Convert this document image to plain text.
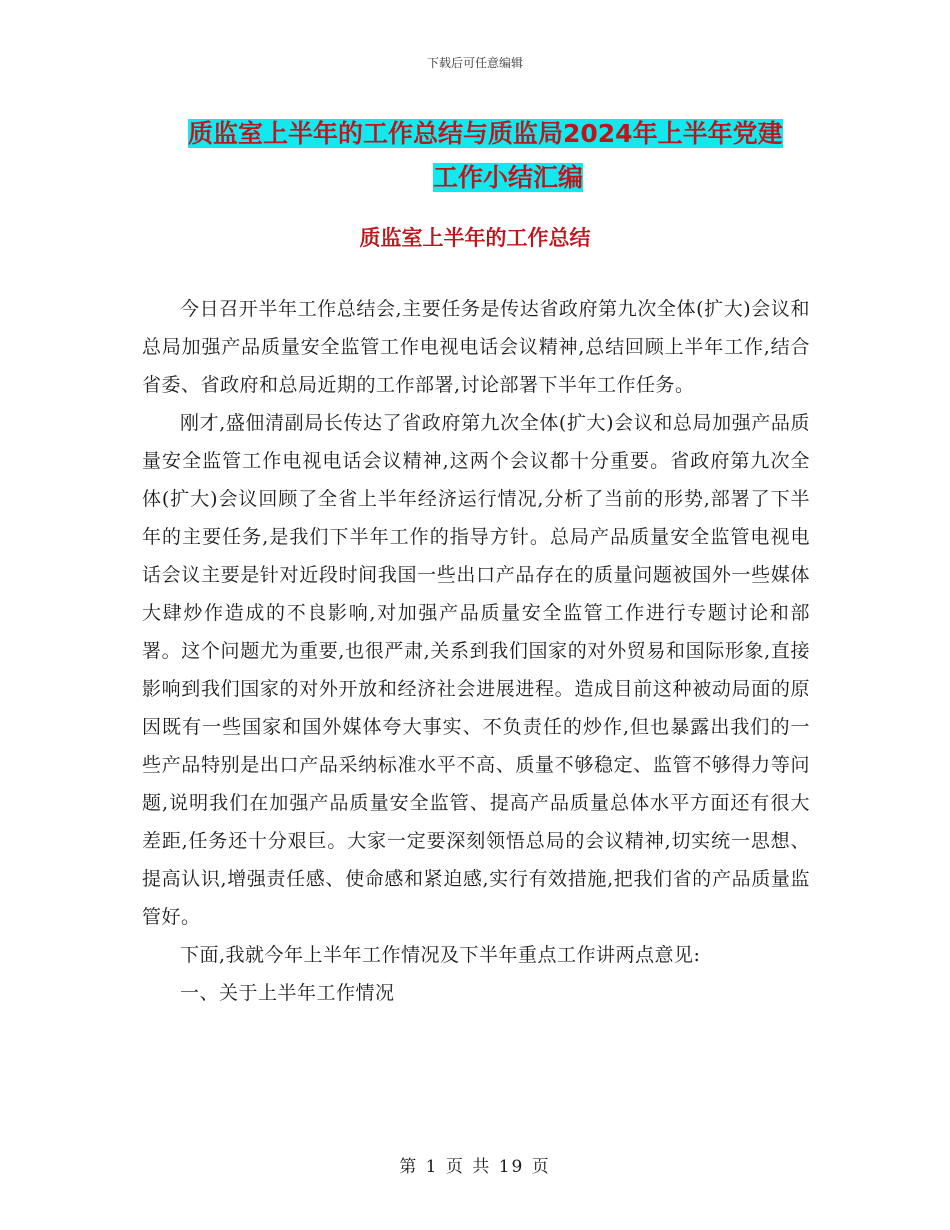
下载后可任意编辑
质监室上半年的工作总结与质监局2024年上半年党建
工作小结汇编
质监室上半年的工作总结

今日召开半年工作总结会,主要任务是传达省政府第九次全体(扩大)会议和总局加强产品质量安全监管工作电视电话会议精神,总结回顾上半年工作,结合省委、省政府和总局近期的工作部署,讨论部署下半年工作任务。

刚才,盛佃清副局长传达了省政府第九次全体(扩大)会议和总局加强产品质量安全监管工作电视电话会议精神,这两个会议都十分重要。省政府第九次全体(扩大)会议回顾了全省上半年经济运行情况,分析了当前的形势,部署了下半年的主要任务,是我们下半年工作的指导方针。总局产品质量安全监管电视电话会议主要是针对近段时间我国一些出口产品存在的质量问题被国外一些媒体大肆炒作造成的不良影响,对加强产品质量安全监管工作进行专题讨论和部署。这个问题尤为重要,也很严肃,关系到我们国家的对外贸易和国际形象,直接影响到我们国家的对外开放和经济社会进展进程。造成目前这种被动局面的原因既有一些国家和国外媒体夸大事实、不负责任的炒作,但也暴露出我们的一些产品特别是出口产品采纳标准水平不高、质量不够稳定、监管不够得力等问题,说明我们在加强产品质量安全监管、提高产品质量总体水平方面还有很大差距,任务还十分艰巨。大家一定要深刻领悟总局的会议精神,切实统一思想、提高认识,增强责任感、使命感和紧迫感,实行有效措施,把我们省的产品质量监管好。

下面,我就今年上半年工作情况及下半年重点工作讲两点意见:

一、关于上半年工作情况

第 1 页 共 19 页
